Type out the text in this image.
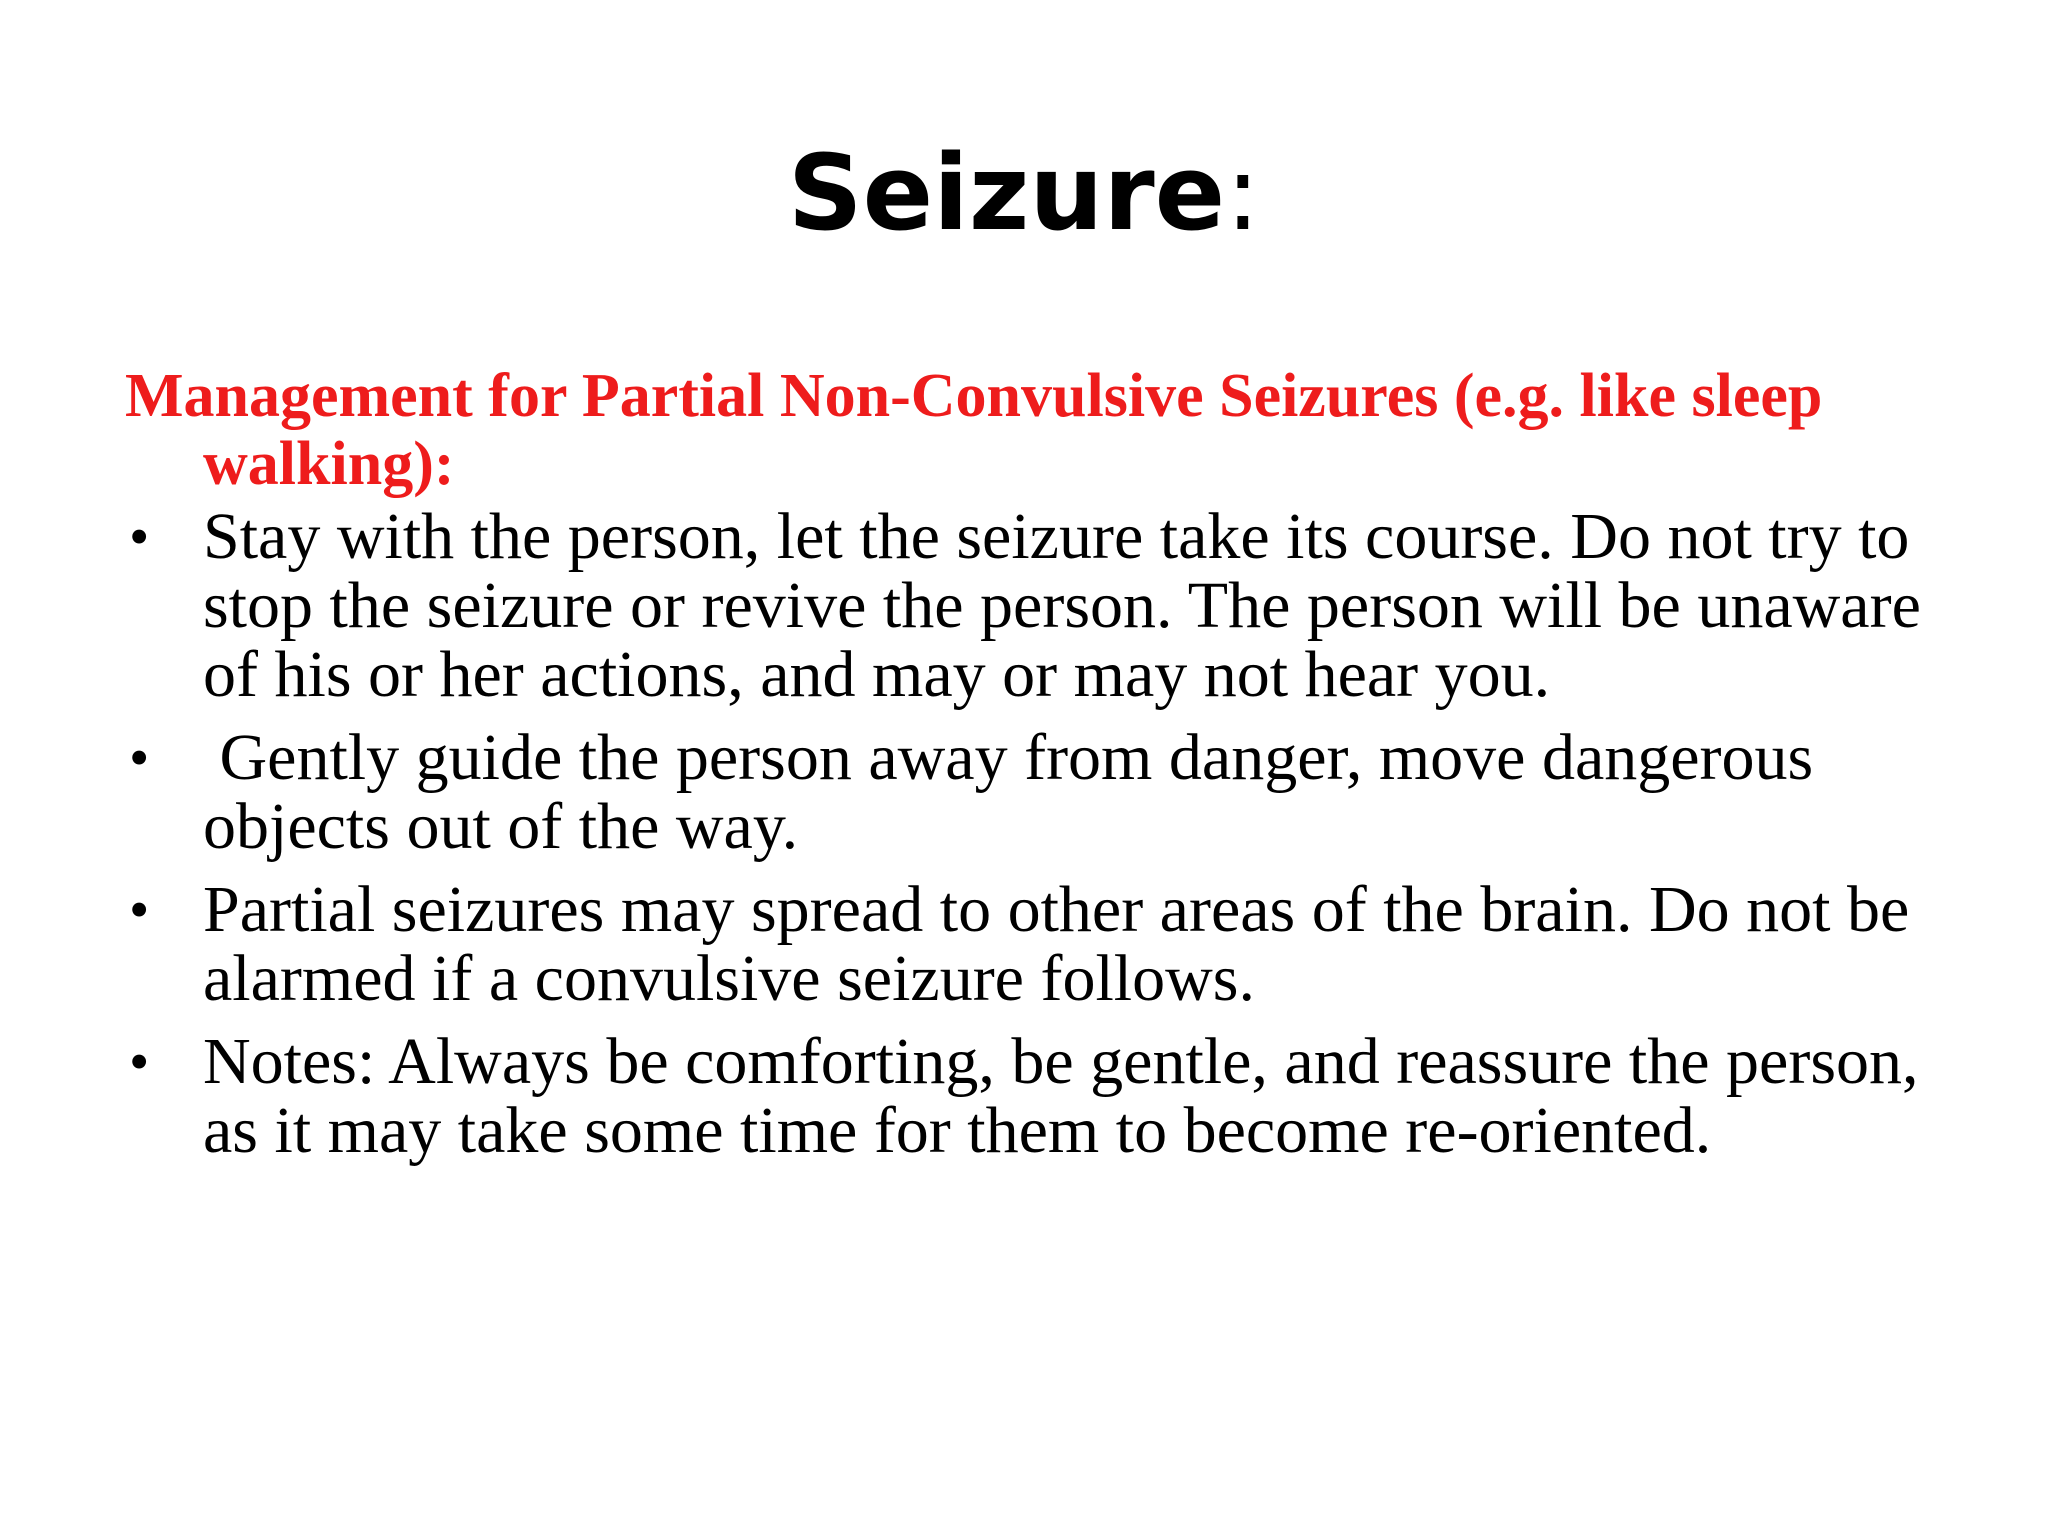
Seizure:

Management for Partial Non-Convulsive Seizures (e.g. like sleep walking):

• Stay with the person, let the seizure take its course. Do not try to stop the seizure or revive the person. The person will be unaware of his or her actions, and may or may not hear you.
• Gently guide the person away from danger, move dangerous objects out of the way.
• Partial seizures may spread to other areas of the brain. Do not be alarmed if a convulsive seizure follows.
• Notes: Always be comforting, be gentle, and reassure the person, as it may take some time for them to become re-oriented.
